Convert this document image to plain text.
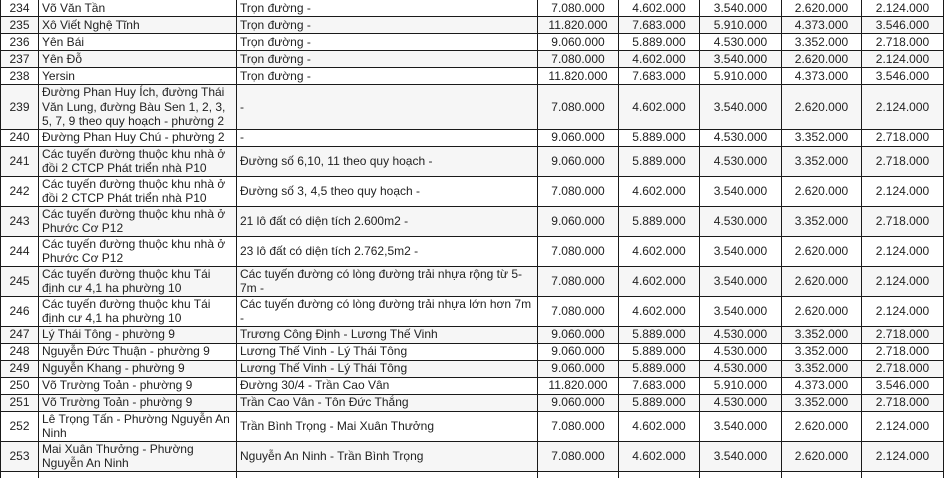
234	Võ Văn Tần	Trọn đường -	7.080.000	4.602.000	3.540.000	2.620.000	2.124.000
235	Xô Viết Nghệ Tĩnh	Trọn đường -	11.820.000	7.683.000	5.910.000	4.373.000	3.546.000
236	Yên Bái	Trọn đường -	9.060.000	5.889.000	4.530.000	3.352.000	2.718.000
237	Yên Đỗ	Trọn đường -	7.080.000	4.602.000	3.540.000	2.620.000	2.124.000
238	Yersin	Trọn đường -	11.820.000	7.683.000	5.910.000	4.373.000	3.546.000
239	Đường Phan Huy Ích, đường Thái Văn Lung, đường Bàu Sen 1, 2, 3, 5, 7, 9 theo quy hoạch - phường 2	-	7.080.000	4.602.000	3.540.000	2.620.000	2.124.000
240	Đường Phan Huy Chú - phường 2	-	9.060.000	5.889.000	4.530.000	3.352.000	2.718.000
241	Các tuyến đường thuộc khu nhà ở đồi 2 CTCP Phát triển nhà P10	Đường số 6,10, 11 theo quy hoạch -	9.060.000	5.889.000	4.530.000	3.352.000	2.718.000
242	Các tuyến đường thuộc khu nhà ở đồi 2 CTCP Phát triển nhà P10	Đường số 3, 4,5 theo quy hoạch -	7.080.000	4.602.000	3.540.000	2.620.000	2.124.000
243	Các tuyến đường thuộc khu nhà ở Phước Cơ P12	21 lô đất có diện tích 2.600m2 -	9.060.000	5.889.000	4.530.000	3.352.000	2.718.000
244	Các tuyến đường thuộc khu nhà ở Phước Cơ P12	23 lô đất có diện tích 2.762,5m2 -	7.080.000	4.602.000	3.540.000	2.620.000	2.124.000
245	Các tuyến đường thuộc khu Tái định cư 4,1 ha phường 10	Các tuyến đường có lòng đường trải nhựa rộng từ 5-7m -	7.080.000	4.602.000	3.540.000	2.620.000	2.124.000
246	Các tuyến đường thuộc khu Tái định cư 4,1 ha phường 10	Các tuyến đường có lòng đường trải nhựa lớn hơn 7m -	7.080.000	4.602.000	3.540.000	2.620.000	2.124.000
247	Lý Thái Tông - phường 9	Trương Công Định - Lương Thế Vinh	9.060.000	5.889.000	4.530.000	3.352.000	2.718.000
248	Nguyễn Đức Thuận - phường 9	Lương Thế Vinh - Lý Thái Tông	9.060.000	5.889.000	4.530.000	3.352.000	2.718.000
249	Nguyễn Khang - phường 9	Lương Thế Vinh - Lý Thái Tông	9.060.000	5.889.000	4.530.000	3.352.000	2.718.000
250	Võ Trường Toản - phường 9	Đường 30/4 - Trần Cao Vân	11.820.000	7.683.000	5.910.000	4.373.000	3.546.000
251	Võ Trường Toản - phường 9	Trần Cao Vân - Tôn Đức Thắng	9.060.000	5.889.000	4.530.000	3.352.000	2.718.000
252	Lê Trọng Tấn - Phường Nguyễn An Ninh	Trần Bình Trọng - Mai Xuân Thưởng	7.080.000	4.602.000	3.540.000	2.620.000	2.124.000
253	Mai Xuân Thưởng - Phường Nguyễn An Ninh	Nguyễn An Ninh - Trần Bình Trọng	7.080.000	4.602.000	3.540.000	2.620.000	2.124.000
